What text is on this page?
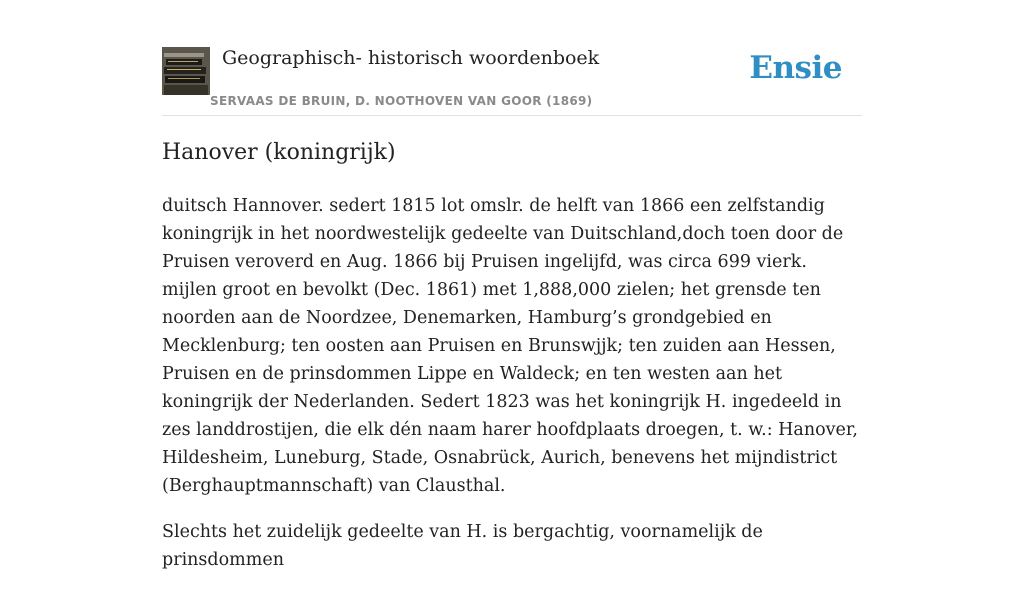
Geographisch- historisch woordenboek
SERVAAS DE BRUIN, D. NOOTHOVEN VAN GOOR (1869)
Ensie
Hanover (koningrijk)

duitsch Hannover. sedert 1815 lot omslr. de helft van 1866 een zelfstandig koningrijk in het noordwestelijk gedeelte van Duitschland,doch toen door de Pruisen veroverd en Aug. 1866 bij Pruisen ingelijfd, was circa 699 vierk. mijlen groot en bevolkt (Dec. 1861) met 1,888,000 zielen; het grensde ten noorden aan de Noordzee, Denemarken, Hamburg’s grondgebied en Mecklenburg; ten oosten aan Pruisen en Brunswjjk; ten zuiden aan Hessen, Pruisen en de prinsdommen Lippe en Waldeck; en ten westen aan het koningrijk der Nederlanden. Sedert 1823 was het koningrijk H. ingedeeld in zes landdrostijen, die elk dén naam harer hoofdplaats droegen, t. w.: Hanover, Hildesheim, Luneburg, Stade, Osnabrück, Aurich, benevens het mijndistrict (Berghauptmannschaft) van Clausthal.

Slechts het zuidelijk gedeelte van H. is bergachtig, voornamelijk de prinsdommen
